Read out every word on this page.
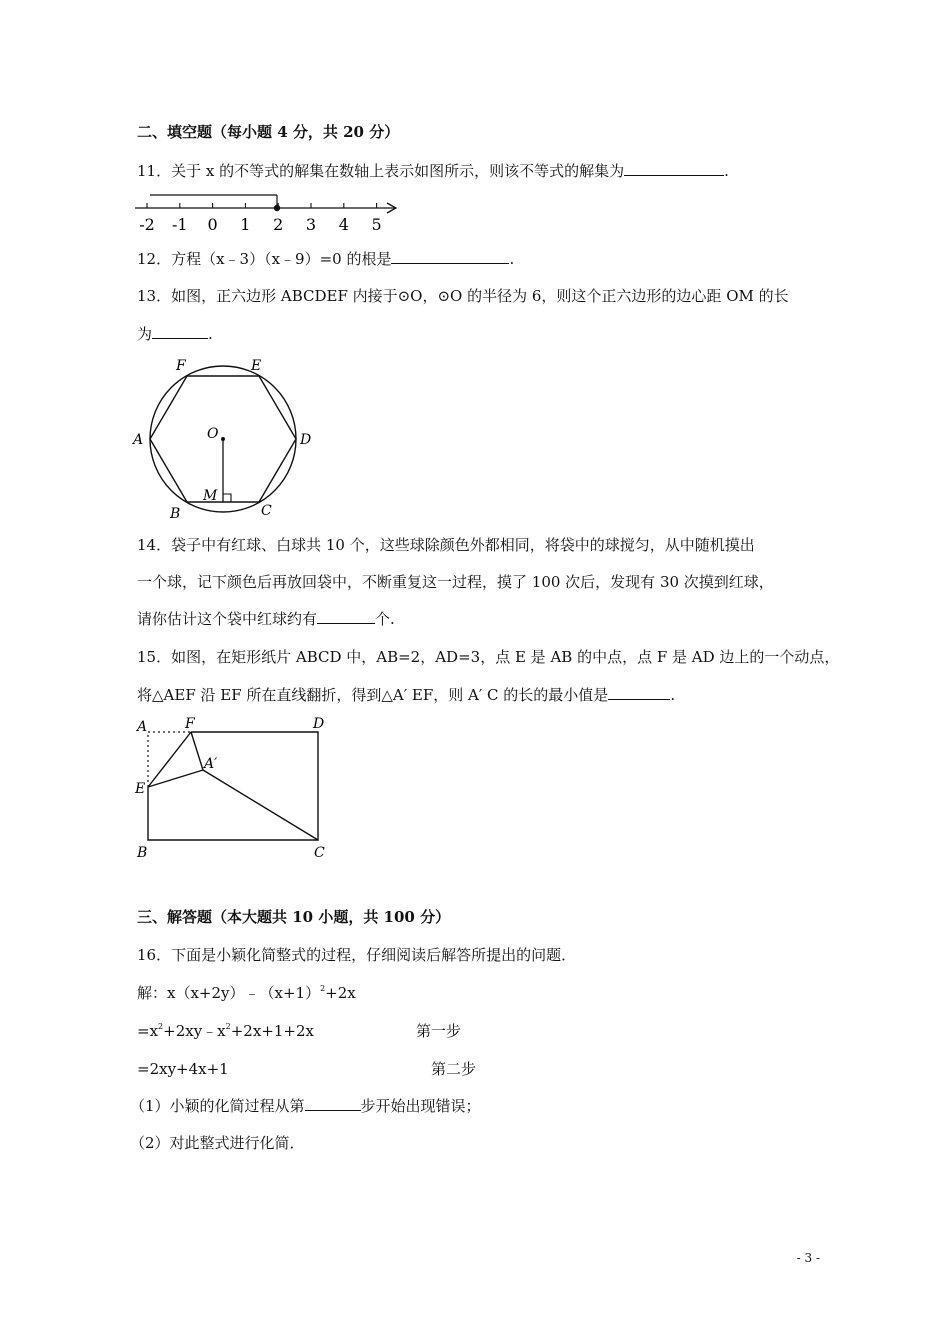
二、填空题（每小题 4 分，共 20 分）
11．关于 x 的不等式的解集在数轴上表示如图所示，则该不等式的解集为	.
-2 -1 0 1 2 3 4 5
12．方程（x﹣3）（x﹣9）=0 的根是	.
13．如图，正六边形 ABCDEF 内接于⊙O，⊙O 的半径为 6，则这个正六边形的边心距 OM 的长
为	.
A
B	C
D
E
F
O
M
14．袋子中有红球、白球共 10 个，这些球除颜色外都相同，将袋中的球搅匀，从中随机摸出
一个球，记下颜色后再放回袋中，不断重复这一过程，摸了 100 次后，发现有 30 次摸到红球，
请你估计这个袋中红球约有	个.
15．如图，在矩形纸片 ABCD 中，AB=2，AD=3，点 E 是 AB 的中点，点 F 是 AD 边上的一个动点，
将△AEF 沿 EF 所在直线翻折，得到△A′ EF，则 A′ C 的长的最小值是	.
A
B	C
D
E
F
A′
三、解答题（本大题共 10 小题，共 100 分）
16．下面是小颖化简整式的过程，仔细阅读后解答所提出的问题．
解：$x(x+2y)﹣(x+1)^2+2x$
$=x^2+2xy﹣x^2+2x+1+2x$	第一步
=2xy+4x+1	第二步
（1）小颖的化简过程从第	步开始出现错误；
（2）对此整式进行化简．
- 3 -
